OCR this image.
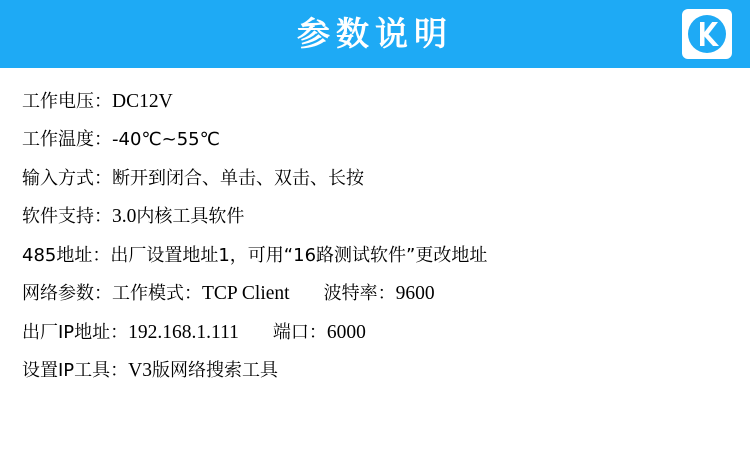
参数说明
工作电压：DC12V
工作温度：-40℃~55℃
输入方式：断开到闭合、单击、双击、长按
软件支持：3.0内核工具软件
485地址：出厂设置地址1，可用“16路测试软件”更改地址
网络参数：工作模式：TCP Client 波特率：9600
出厂IP地址：192.168.1.111 端口：6000
设置IP工具：V3版网络搜索工具
